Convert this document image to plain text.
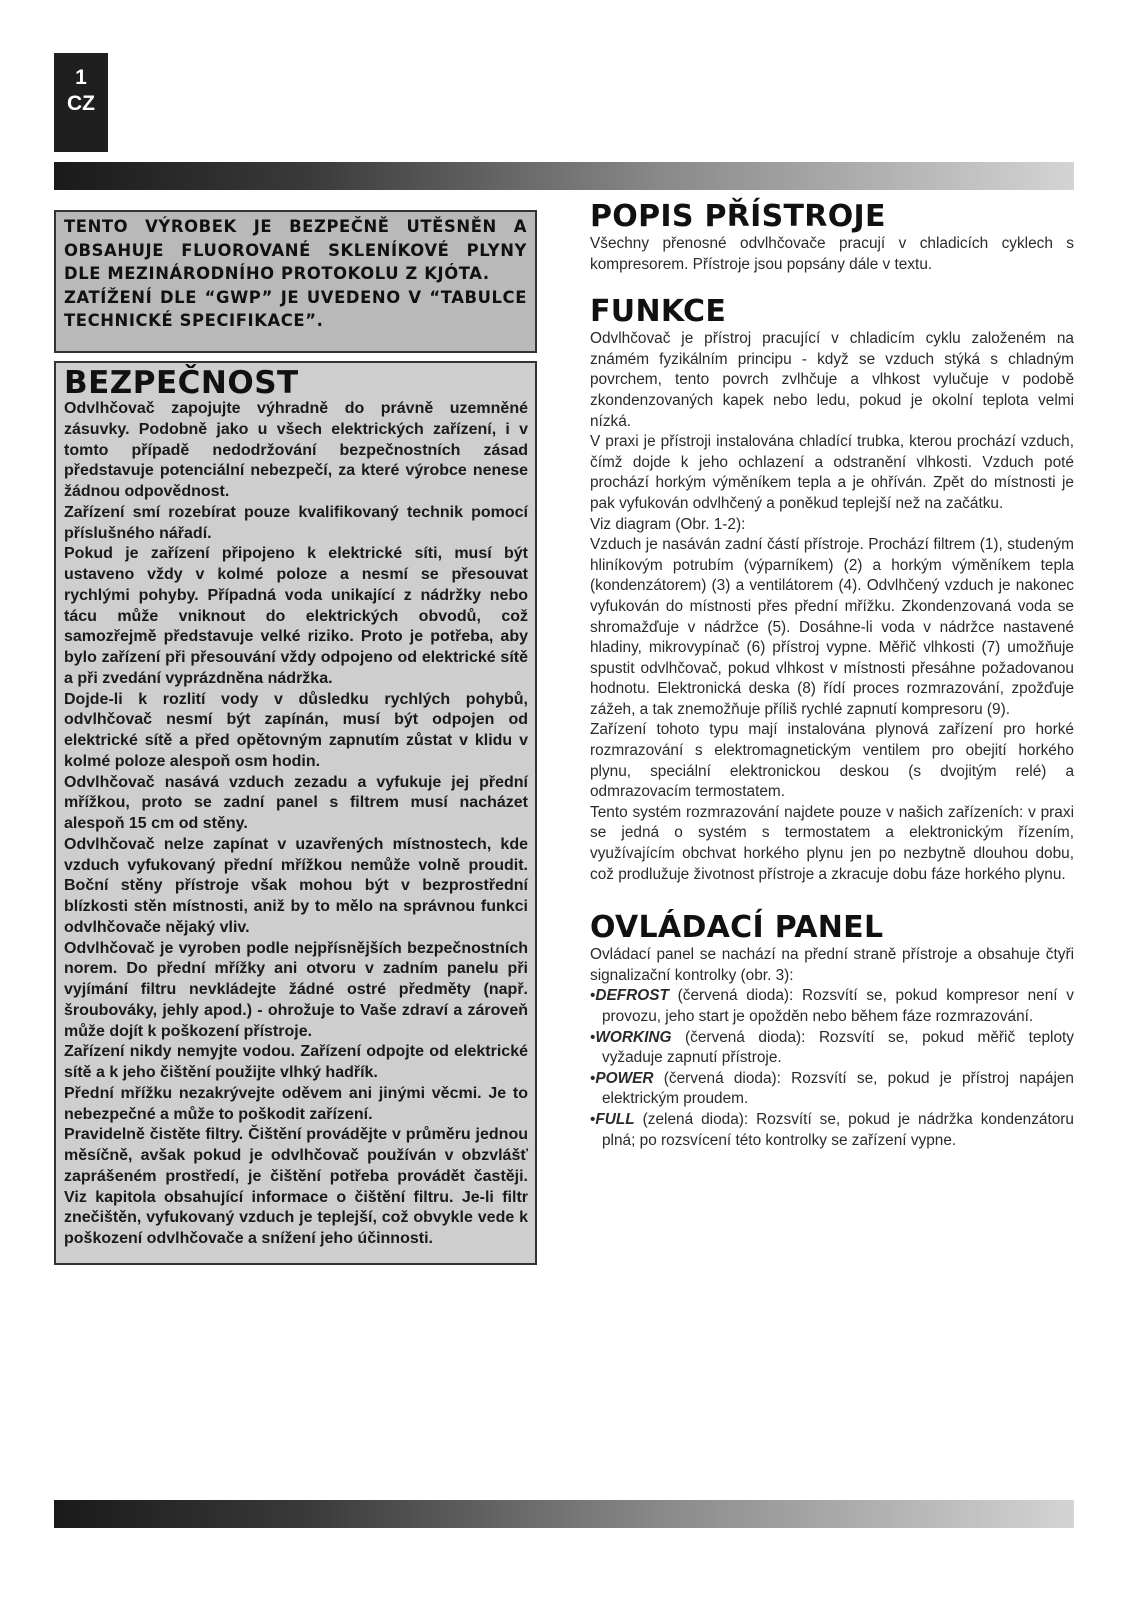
1
CZ

TENTO VÝROBEK JE BEZPEČNĚ UTĚSNĚN A OBSAHUJE FLUOROVANÉ SKLENÍKOVÉ PLYNY DLE MEZINÁRODNÍHO PROTOKOLU Z KJÓTA.

ZATÍŽENÍ DLE “GWP” JE UVEDENO V “TABULCE TECHNICKÉ SPECIFIKACE”.

BEZPEČNOST

Odvlhčovač zapojujte výhradně do právně uzemněné zásuvky. Podobně jako u všech elektrických zařízení, i v tomto případě nedodržování bezpečnostních zásad představuje potenciální nebezpečí, za které výrobce nenese žádnou odpovědnost.

Zařízení smí rozebírat pouze kvalifikovaný technik pomocí příslušného nářadí.

Pokud je zařízení připojeno k elektrické síti, musí být ustaveno vždy v kolmé poloze a nesmí se přesouvat rychlými pohyby. Případná voda unikající z nádržky nebo tácu může vniknout do elektrických obvodů, což samozřejmě představuje velké riziko. Proto je potřeba, aby bylo zařízení při přesouvání vždy odpojeno od elektrické sítě a při zvedání vyprázdněna nádržka.

Dojde-li k rozlití vody v důsledku rychlých pohybů, odvlhčovač nesmí být zapínán, musí být odpojen od elektrické sítě a před opětovným zapnutím zůstat v klidu v kolmé poloze alespoň osm hodin.

Odvlhčovač nasává vzduch zezadu a vyfukuje jej přední mřížkou, proto se zadní panel s filtrem musí nacházet alespoň 15 cm od stěny.

Odvlhčovač nelze zapínat v uzavřených místnostech, kde vzduch vyfukovaný přední mřížkou nemůže volně proudit. Boční stěny přístroje však mohou být v bezprostřední blízkosti stěn místnosti, aniž by to mělo na správnou funkci odvlhčovače nějaký vliv.

Odvlhčovač je vyroben podle nejpřísnějších bezpečnostních norem. Do přední mřížky ani otvoru v zadním panelu při vyjímání filtru nevkládejte žádné ostré předměty (např. šroubováky, jehly apod.) - ohrožuje to Vaše zdraví a zároveň může dojít k poškození přístroje.

Zařízení nikdy nemyjte vodou. Zařízení odpojte od elektrické sítě a k jeho čištění použijte vlhký hadřík.

Přední mřížku nezakrývejte oděvem ani jinými věcmi. Je to nebezpečné a může to poškodit zařízení.

Pravidelně čistěte filtry. Čištění provádějte v průměru jednou měsíčně, avšak pokud je odvlhčovač používán v obzvlášť zaprášeném prostředí, je čištění potřeba provádět častěji. Viz kapitola obsahující informace o čištění filtru. Je-li filtr znečištěn, vyfukovaný vzduch je teplejší, což obvykle vede k poškození odvlhčovače a snížení jeho účinnosti.

POPIS PŘÍSTROJE

Všechny přenosné odvlhčovače pracují v chladicích cyklech s kompresorem. Přístroje jsou popsány dále v textu.

FUNKCE

Odvlhčovač je přístroj pracující v chladicím cyklu založeném na známém fyzikálním principu - když se vzduch stýká s chladným povrchem, tento povrch zvlhčuje a vlhkost vylučuje v podobě zkondenzovaných kapek nebo ledu, pokud je okolní teplota velmi nízká.

V praxi je přístroji instalována chladící trubka, kterou prochází vzduch, čímž dojde k jeho ochlazení a odstranění vlhkosti. Vzduch poté prochází horkým výměníkem tepla a je ohříván. Zpět do místnosti je pak vyfukován odvlhčený a poněkud teplejší než na začátku.

Viz diagram (Obr. 1-2):

Vzduch je nasáván zadní částí přístroje. Prochází filtrem (1), studeným hliníkovým potrubím (výparníkem) (2) a horkým výměníkem tepla (kondenzátorem) (3) a ventilátorem (4). Odvlhčený vzduch je nakonec vyfukován do místnosti přes přední mřížku. Zkondenzovaná voda se shromažďuje v nádržce (5). Dosáhne-li voda v nádržce nastavené hladiny, mikrovypínač (6) přístroj vypne. Měřič vlhkosti (7) umožňuje spustit odvlhčovač, pokud vlhkost v místnosti přesáhne požadovanou hodnotu. Elektronická deska (8) řídí proces rozmrazování, zpožďuje zážeh, a tak znemožňuje příliš rychlé zapnutí kompresoru (9).

Zařízení tohoto typu mají instalována plynová zařízení pro horké rozmrazování s elektromagnetickým ventilem pro obejití horkého plynu, speciální elektronickou deskou (s dvojitým relé) a odmrazovacím termostatem.

Tento systém rozmrazování najdete pouze v našich zařízeních: v praxi se jedná o systém s termostatem a elektronickým řízením, využívajícím obchvat horkého plynu jen po nezbytně dlouhou dobu, což prodlužuje životnost přístroje a zkracuje dobu fáze horkého plynu.

OVLÁDACÍ PANEL

Ovládací panel se nachází na přední straně přístroje a obsahuje čtyři signalizační kontrolky (obr. 3):

•DEFROST (červená dioda): Rozsvítí se, pokud kompresor není v provozu, jeho start je opožděn nebo během fáze rozmrazování.

•WORKING (červená dioda): Rozsvítí se, pokud měřič teploty vyžaduje zapnutí přístroje.

•POWER (červená dioda): Rozsvítí se, pokud je přístroj napájen elektrickým proudem.

•FULL (zelená dioda): Rozsvítí se, pokud je nádržka kondenzátoru plná; po rozsvícení této kontrolky se zařízení vypne.
